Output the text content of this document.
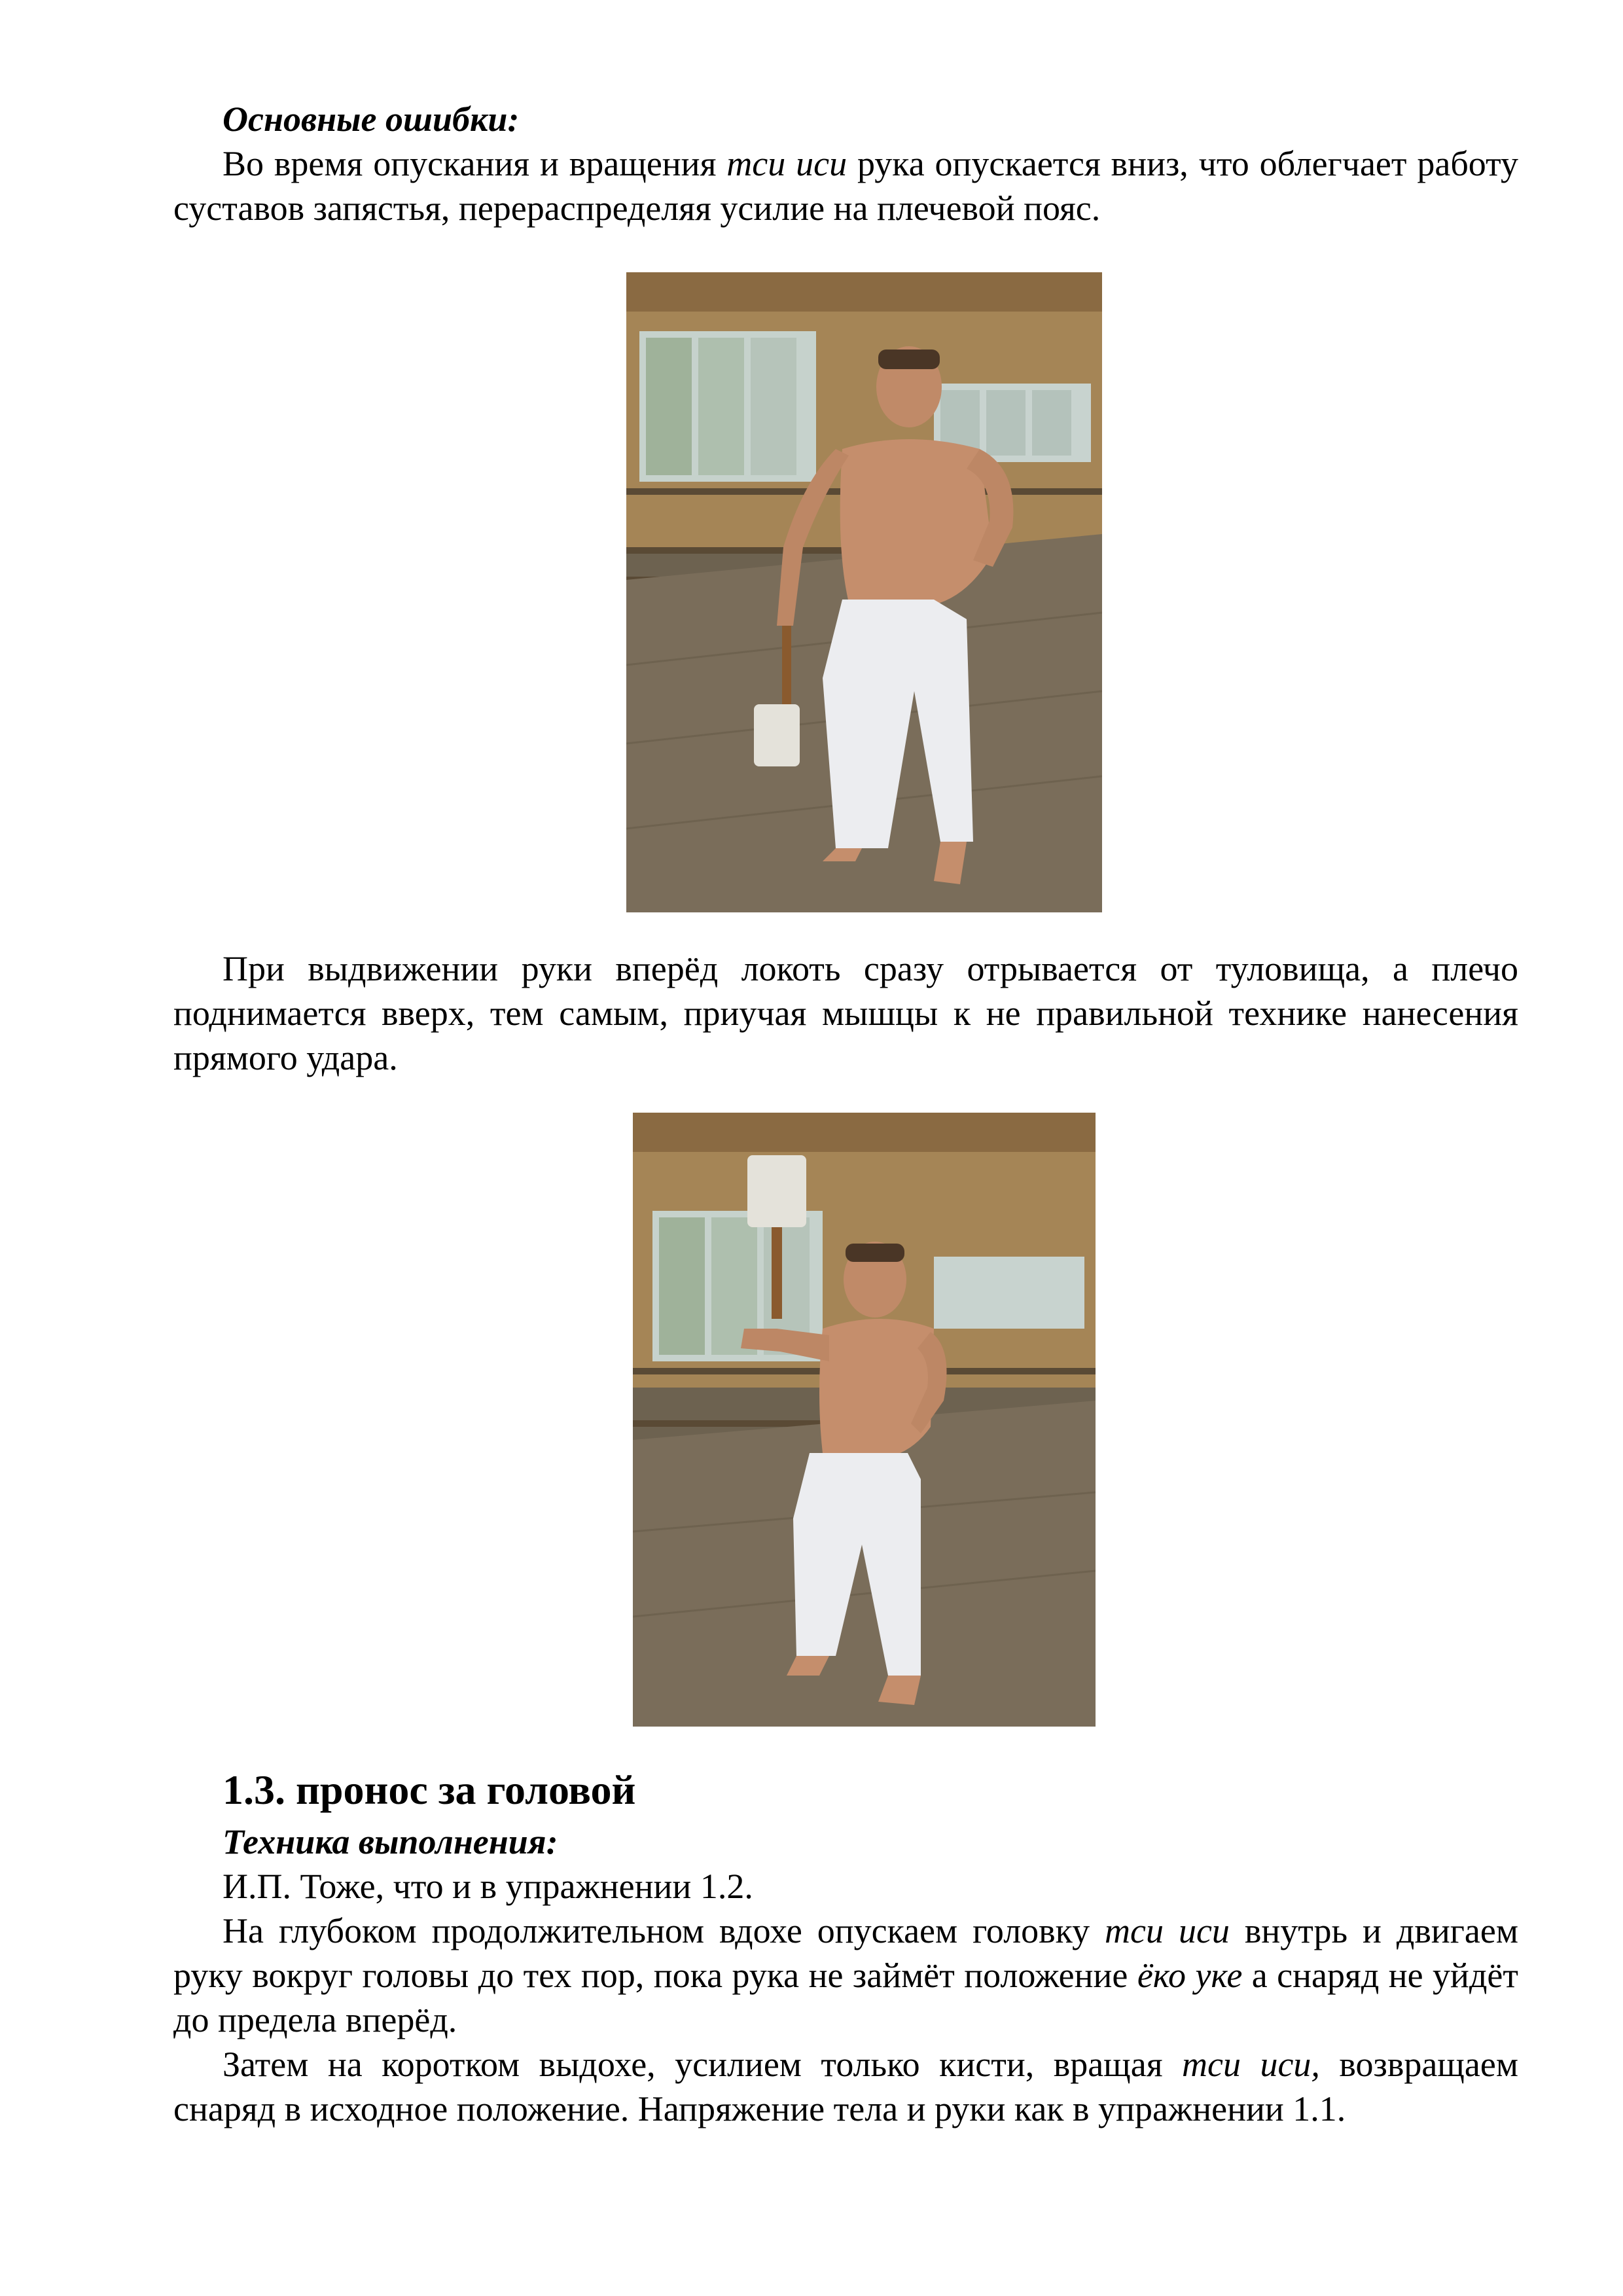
Основные ошибки:

Во время опускания и вращения тси иси рука опускается вниз, что облегчает работу суставов запястья, перераспределяя усилие на плечевой пояс.

При выдвижении руки вперёд локоть сразу отрывается от туловища, а плечо поднимается вверх, тем самым, приучая мышцы к не правильной технике нанесения прямого удара.

1.3. пронос за головой
Техника выполнения:

И.П. Тоже, что и в упражнении 1.2.

На глубоком продолжительном вдохе опускаем головку тси иси внутрь и двигаем руку вокруг головы до тех пор, пока рука не займёт положение ёко уке а снаряд не уйдёт до предела вперёд.

Затем на коротком выдохе, усилием только кисти, вращая тси иси, возвращаем снаряд в исходное положение. Напряжение тела и руки как в упражнении 1.1.
